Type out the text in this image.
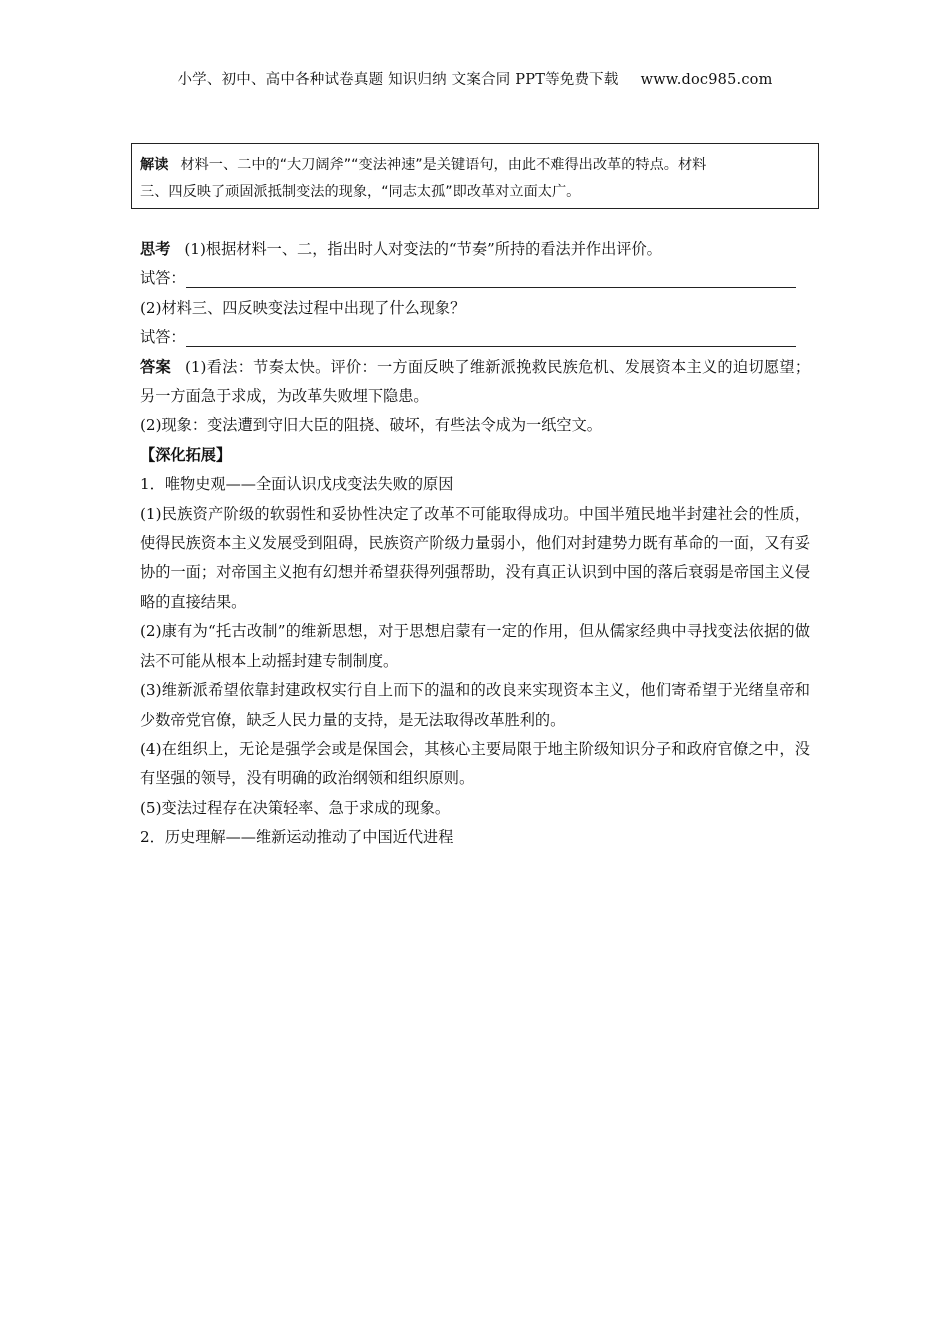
小学、初中、高中各种试卷真题 知识归纳 文案合同 PPT等免费下载 www.doc985.com
解读 材料一、二中的“大刀阔斧”“变法神速”是关键语句，由此不难得出改革的特点。材料
三、四反映了顽固派抵制变法的现象，“同志太孤”即改革对立面太广。

思考 (1)根据材料一、二，指出时人对变法的“节奏”所持的看法并作出评价。

试答：

(2)材料三、四反映变法过程中出现了什么现象？

试答：

答案 (1)看法：节奏太快。评价：一方面反映了维新派挽救民族危机、发展资本主义的迫切愿望；另一方面急于求成，为改革失败埋下隐患。

(2)现象：变法遭到守旧大臣的阻挠、破坏，有些法令成为一纸空文。

【深化拓展】

1．唯物史观——全面认识戊戌变法失败的原因

(1)民族资产阶级的软弱性和妥协性决定了改革不可能取得成功。中国半殖民地半封建社会的性质，使得民族资本主义发展受到阻碍，民族资产阶级力量弱小，他们对封建势力既有革命的一面，又有妥协的一面；对帝国主义抱有幻想并希望获得列强帮助，没有真正认识到中国的落后衰弱是帝国主义侵略的直接结果。

(2)康有为“托古改制”的维新思想，对于思想启蒙有一定的作用，但从儒家经典中寻找变法依据的做法不可能从根本上动摇封建专制制度。

(3)维新派希望依靠封建政权实行自上而下的温和的改良来实现资本主义，他们寄希望于光绪皇帝和少数帝党官僚，缺乏人民力量的支持，是无法取得改革胜利的。

(4)在组织上，无论是强学会或是保国会，其核心主要局限于地主阶级知识分子和政府官僚之中，没有坚强的领导，没有明确的政治纲领和组织原则。

(5)变法过程存在决策轻率、急于求成的现象。

2．历史理解——维新运动推动了中国近代进程
